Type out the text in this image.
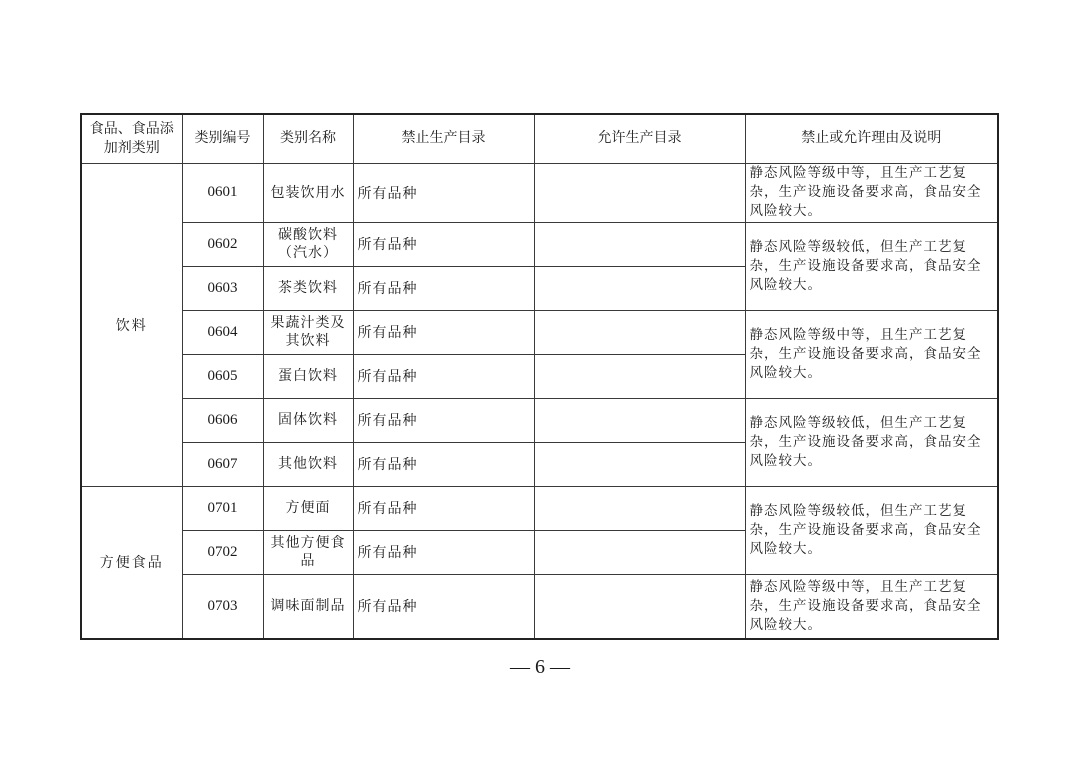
食品、食品添加剂类别	类别编号	类别名称	禁止生产目录	允许生产目录	禁止或允许理由及说明
饮料	0601	包装饮用水	所有品种		静态风险等级中等，且生产工艺复杂，生产设施设备要求高，食品安全风险较大。
	0602	碳酸饮料（汽水）	所有品种		静态风险等级较低，但生产工艺复杂，生产设施设备要求高，食品安全风险较大。
	0603	茶类饮料	所有品种		
	0604	果蔬汁类及其饮料	所有品种		静态风险等级中等，且生产工艺复杂，生产设施设备要求高，食品安全风险较大。
	0605	蛋白饮料	所有品种		
	0606	固体饮料	所有品种		静态风险等级较低，但生产工艺复杂，生产设施设备要求高，食品安全风险较大。
	0607	其他饮料	所有品种		
方便食品	0701	方便面	所有品种		静态风险等级较低，但生产工艺复杂，生产设施设备要求高，食品安全风险较大。
	0702	其他方便食品	所有品种		
	0703	调味面制品	所有品种		静态风险等级中等，且生产工艺复杂，生产设施设备要求高，食品安全风险较大。
— 6 —
